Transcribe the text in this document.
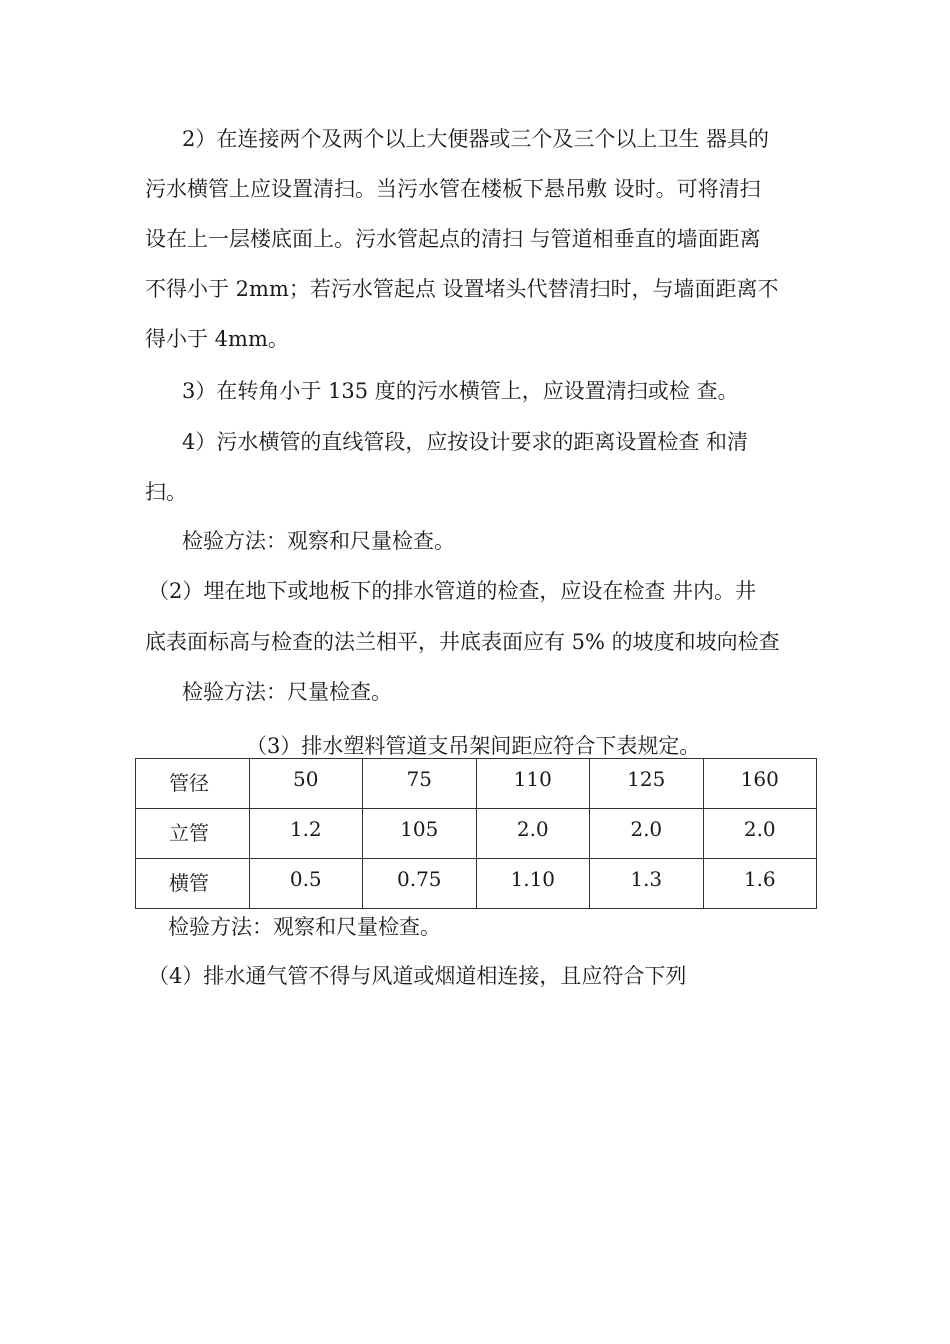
2）在连接两个及两个以上大便器或三个及三个以上卫生 器具的
污水横管上应设置清扫。当污水管在楼板下悬吊敷 设时。可将清扫
设在上一层楼底面上。污水管起点的清扫 与管道相垂直的墙面距离
不得小于 2mm；若污水管起点 设置堵头代替清扫时，与墙面距离不
得小于 4mm。
3）在转角小于 135 度的污水横管上，应设置清扫或检 查。
4）污水横管的直线管段，应按设计要求的距离设置检查 和清
扫。
检验方法：观察和尺量检查。
（2）埋在地下或地板下的排水管道的检查，应设在检查 井内。井
底表面标高与检查的法兰相平，井底表面应有 5% 的坡度和坡向检查
检验方法：尺量检查。
（3）排水塑料管道支吊架间距应符合下表规定。
管径	50	75	110	125	160
立管	1.2	105	2.0	2.0	2.0
横管	0.5	0.75	1.10	1.3	1.6
检验方法：观察和尺量检查。
（4）排水通气管不得与风道或烟道相连接，且应符合下列
